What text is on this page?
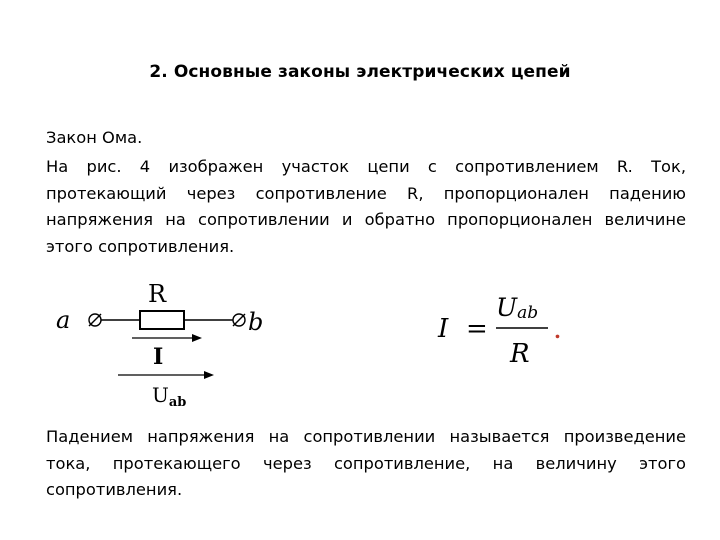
2. Основные законы электрических цепей
Закон Ома.
На рис. 4 изображен участок цепи с сопротивлением R. Ток, протекающий через сопротивление R, пропорционален падению напряжения на сопротивлении и обратно пропорционален величине этого сопротивления.
a
R
b
I
$U_{ab}$
I =
Uab
R
.
Падением напряжения на сопротивлении называется произведение тока, протекающего через сопротивление, на величину этого сопротивления.
